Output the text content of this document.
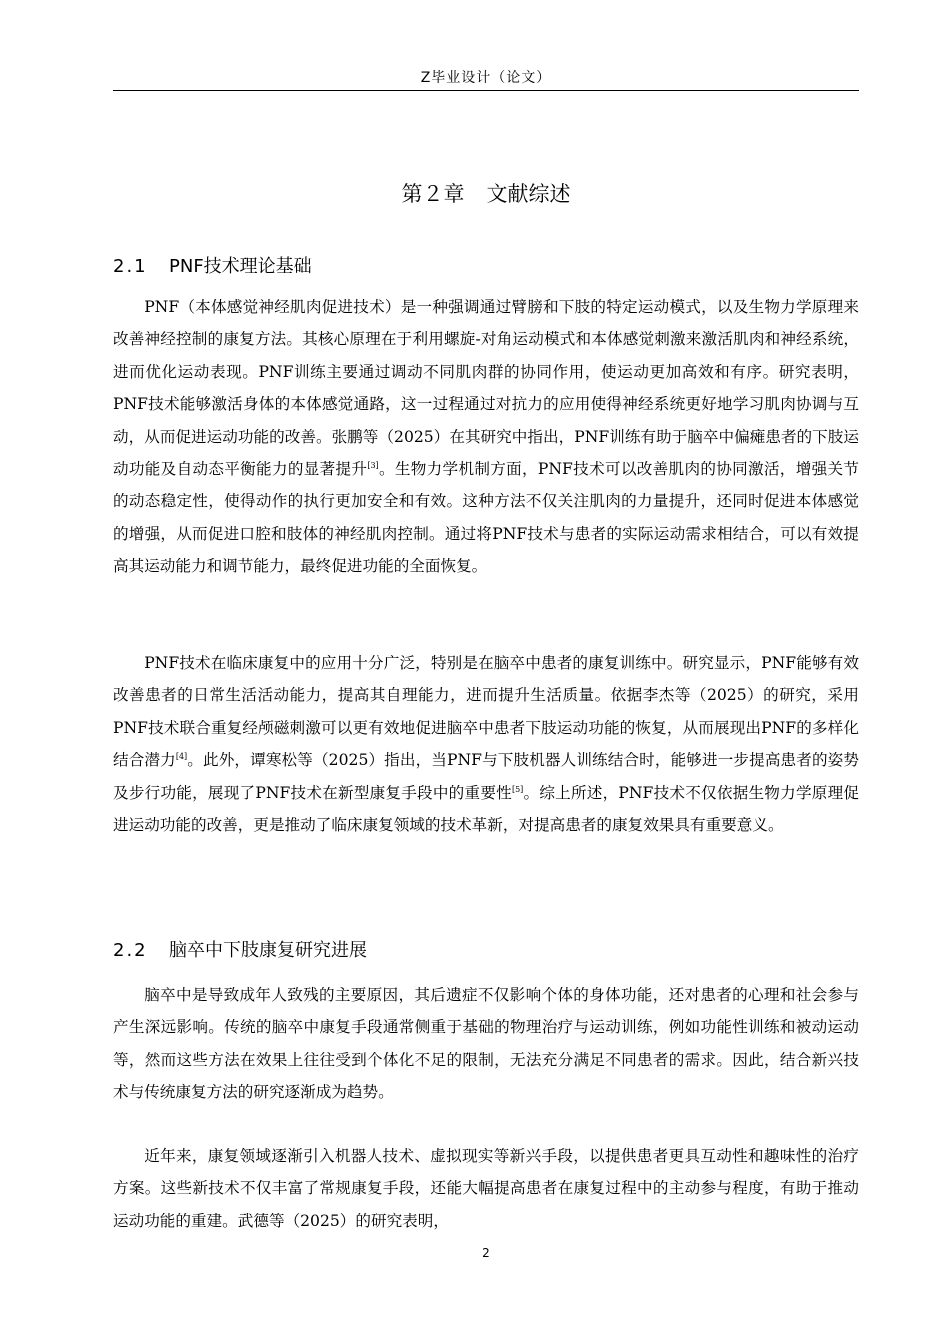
Z毕业设计（论文）
第２章 文献综述
2.1 PNF技术理论基础

PNF（本体感觉神经肌肉促进技术）是一种强调通过臂膀和下肢的特定运动模式，以及生物力学原理来改善神经控制的康复方法。其核心原理在于利用螺旋-对角运动模式和本体感觉刺激来激活肌肉和神经系统，进而优化运动表现。PNF训练主要通过调动不同肌肉群的协同作用，使运动更加高效和有序。研究表明，PNF技术能够激活身体的本体感觉通路，这一过程通过对抗力的应用使得神经系统更好地学习肌肉协调与互动，从而促进运动功能的改善。张鹏等（2025）在其研究中指出，PNF训练有助于脑卒中偏瘫患者的下肢运动功能及自动态平衡能力的显著提升[3]。生物力学机制方面，PNF技术可以改善肌肉的协同激活，增强关节的动态稳定性，使得动作的执行更加安全和有效。这种方法不仅关注肌肉的力量提升，还同时促进本体感觉的增强，从而促进口腔和肢体的神经肌肉控制。通过将PNF技术与患者的实际运动需求相结合，可以有效提高其运动能力和调节能力，最终促进功能的全面恢复。

PNF技术在临床康复中的应用十分广泛，特别是在脑卒中患者的康复训练中。研究显示，PNF能够有效改善患者的日常生活活动能力，提高其自理能力，进而提升生活质量。依据李杰等（2025）的研究，采用PNF技术联合重复经颅磁刺激可以更有效地促进脑卒中患者下肢运动功能的恢复，从而展现出PNF的多样化结合潜力[4]。此外，谭寒松等（2025）指出，当PNF与下肢机器人训练结合时，能够进一步提高患者的姿势及步行功能，展现了PNF技术在新型康复手段中的重要性[5]。综上所述，PNF技术不仅依据生物力学原理促进运动功能的改善，更是推动了临床康复领域的技术革新，对提高患者的康复效果具有重要意义。

2.2 脑卒中下肢康复研究进展

脑卒中是导致成年人致残的主要原因，其后遗症不仅影响个体的身体功能，还对患者的心理和社会参与产生深远影响。传统的脑卒中康复手段通常侧重于基础的物理治疗与运动训练，例如功能性训练和被动运动等，然而这些方法在效果上往往受到个体化不足的限制，无法充分满足不同患者的需求。因此，结合新兴技术与传统康复方法的研究逐渐成为趋势。

近年来，康复领域逐渐引入机器人技术、虚拟现实等新兴手段，以提供患者更具互动性和趣味性的治疗方案。这些新技术不仅丰富了常规康复手段，还能大幅提高患者在康复过程中的主动参与程度，有助于推动运动功能的重建。武德等（2025）的研究表明，

2
